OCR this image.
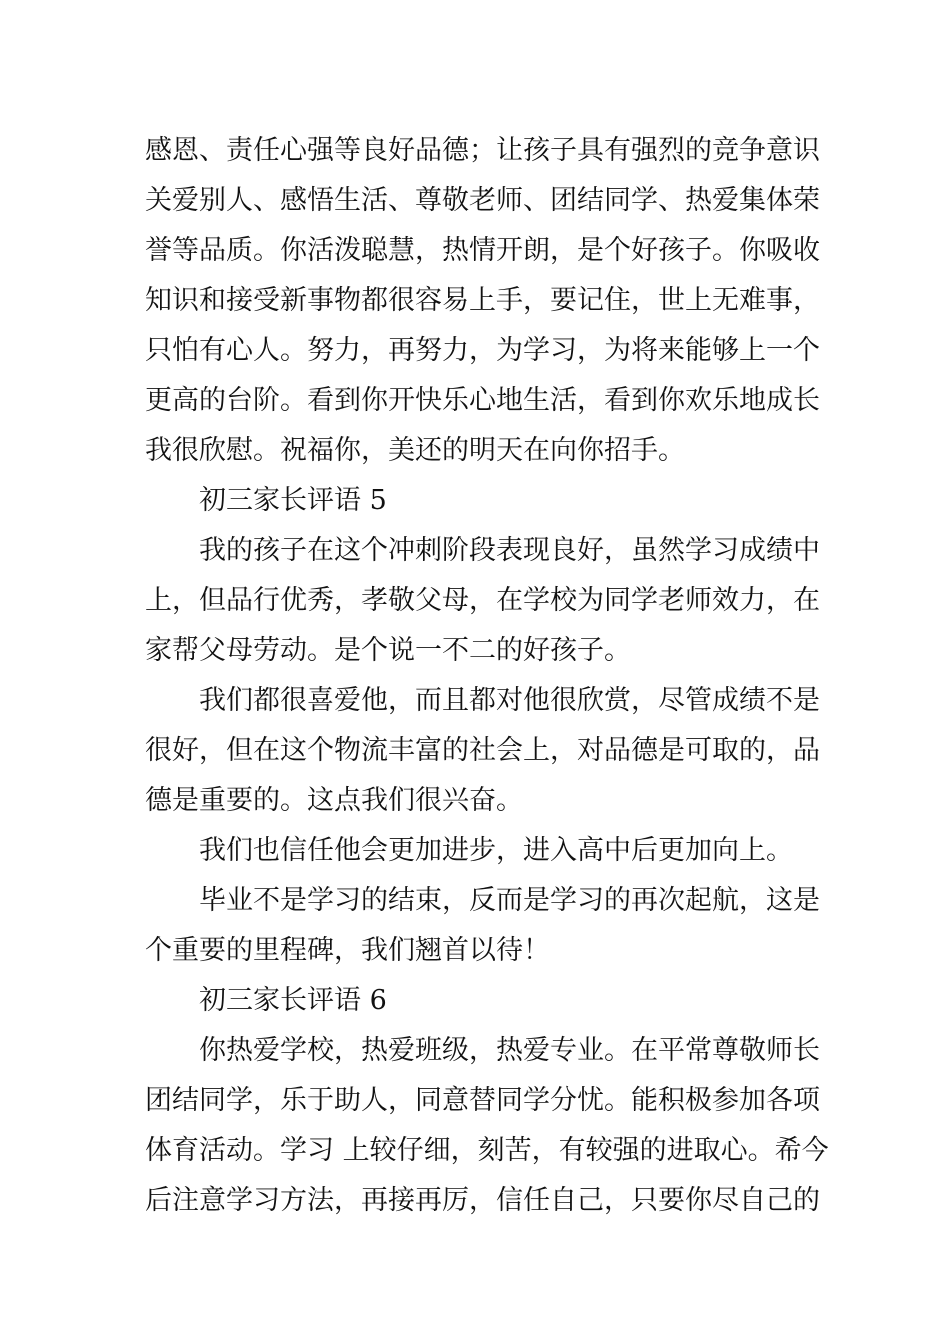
感恩、责任心强等良好品德；让孩子具有强烈的竞争意识
关爱别人、感悟生活、尊敬老师、团结同学、热爱集体荣
誉等品质。你活泼聪慧，热情开朗，是个好孩子。你吸收
知识和接受新事物都很容易上手，要记住，世上无难事，
只怕有心人。努力，再努力，为学习，为将来能够上一个
更高的台阶。看到你开快乐心地生活，看到你欢乐地成长
我很欣慰。祝福你，美还的明天在向你招手。
初三家长评语 5
我的孩子在这个冲刺阶段表现良好，虽然学习成绩中
上，但品行优秀，孝敬父母，在学校为同学老师效力，在
家帮父母劳动。是个说一不二的好孩子。
我们都很喜爱他，而且都对他很欣赏，尽管成绩不是
很好，但在这个物流丰富的社会上，对品德是可取的，品
德是重要的。这点我们很兴奋。
我们也信任他会更加进步，进入高中后更加向上。
毕业不是学习的结束，反而是学习的再次起航，这是
个重要的里程碑，我们翘首以待！
初三家长评语 6
你热爱学校，热爱班级，热爱专业。在平常尊敬师长
团结同学，乐于助人，同意替同学分忧。能积极参加各项
体育活动。学习 上较仔细，刻苦，有较强的进取心。希今
后注意学习方法，再接再厉，信任自己，只要你尽自己的
